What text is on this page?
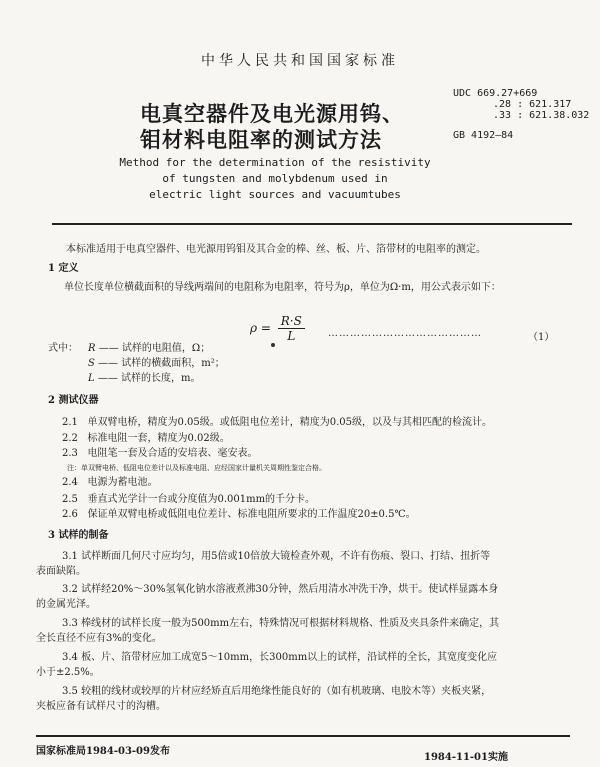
中华人民共和国国家标准
电真空器件及电光源用钨、
钼材料电阻率的测试方法
UDC 669.27+669
.28 : 621.317
.33 : 621.38.032
GB 4192—84
Method for the determination of the resistivity
of tungsten and molybdenum used in
electric light sources and vacuumtubes
本标准适用于电真空器件、电光源用钨钼及其合金的棒、丝、板、片、箔带材的电阻率的测定。
1 定义
单位长度单位横截面积的导线两端间的电阻称为电阻率，符号为ρ，单位为Ω·m，用公式表示如下：
$\rho = \frac{R\cdot S}{L}$ ……………………………………	（1）
式中： R —— 试样的电阻值，Ω；
S —— 试样的横截面积，m²；
L —— 试样的长度，m。
2 测试仪器
2.1 单双臂电桥，精度为0.05级。或低阻电位差计，精度为0.05级，以及与其相匹配的检流计。
2.2 标准电阻一套，精度为0.02级。
2.3 电阻笔一套及合适的安培表、毫安表。
注：单双臂电桥、低阻电位差计以及标准电阻、应经国家计量机关周期性鉴定合格。
2.4 电源为蓄电池。
2.5 垂直式光学计一台或分度值为0.001mm的千分卡。
2.6 保证单双臂电桥或低阻电位差计、标准电阻所要求的工作温度20±0.5℃。
3 试样的制备
3.1 试样断面几何尺寸应均匀，用5倍或10倍放大镜检查外观，不许有伤痕、裂口、打结、扭折等
表面缺陷。
3.2 试样经20%～30%氢氧化钠水溶液煮沸30分钟，然后用清水冲洗干净，烘干。使试样显露本身
的金属光泽。
3.3 棒线材的试样长度一般为500mm左右，特殊情况可根据材料规格、性质及夹具条件来确定，其
全长直径不应有3%的变化。
3.4 板、片、箔带材应加工成宽5～10mm，长300mm以上的试样，沿试样的全长，其宽度变化应
小于±2.5%。
3.5 较粗的线材或较厚的片材应经矫直后用绝缘性能良好的（如有机玻璃、电胶木等）夹板夹紧，
夹板应备有试样尺寸的沟槽。
国家标准局1984-03-09发布
1984-11-01实施
